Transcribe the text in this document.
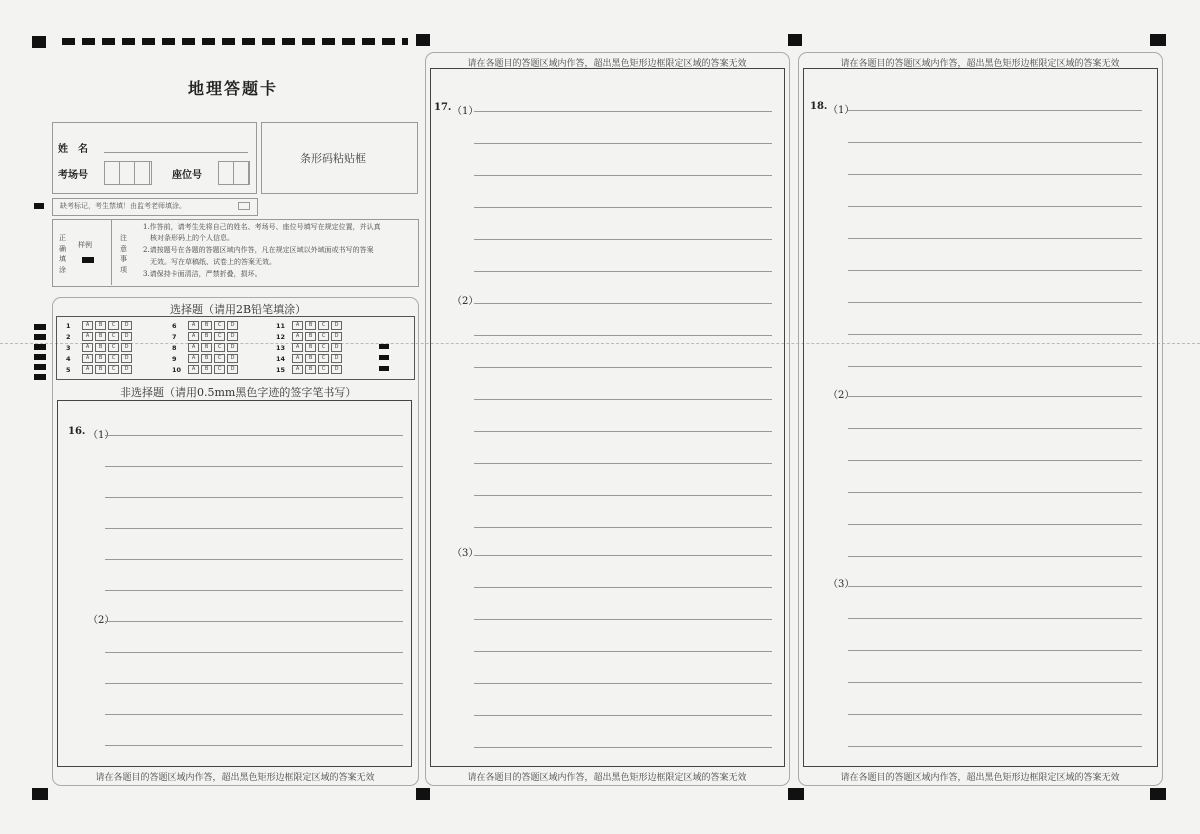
地理答题卡
姓　名
考场号	座位号
条形码粘贴框
缺考标记，考生禁填！由监考老师填涂。
正确填涂
样例
注意事项
1.作答前，请考生先将自己的姓名、考场号、座位号填写在规定位置，并认真
　核对条形码上的个人信息。
2.请按题号在各题的答题区域内作答，凡在规定区域以外域面或书写的答案
　无效。写在草稿纸、试卷上的答案无效。
3.请保持卡面清洁，严禁折叠，损坏。
选择题（请用2B铅笔填涂）
1	A B C D
2	A B C D
3	A B C D
4	A B C D
5	A B C D
6	A B C D
7	A B C D
8	A B C D
9	A B C D
10 A B C D
11 A B C D
12 A B C D
13 A B C D
14 A B C D
15 A B C D
非选择题（请用0.5mm黑色字迹的签字笔书写）
16. （1）
（2）
请在各题目的答题区域内作答，超出黑色矩形边框限定区域的答案无效
请在各题目的答题区域内作答，超出黑色矩形边框限定区域的答案无效
17. （1）
（2）
（3）
请在各题目的答题区域内作答，超出黑色矩形边框限定区域的答案无效
请在各题目的答题区域内作答，超出黑色矩形边框限定区域的答案无效
18. （1）
（2）
（3）
请在各题目的答题区域内作答，超出黑色矩形边框限定区域的答案无效
